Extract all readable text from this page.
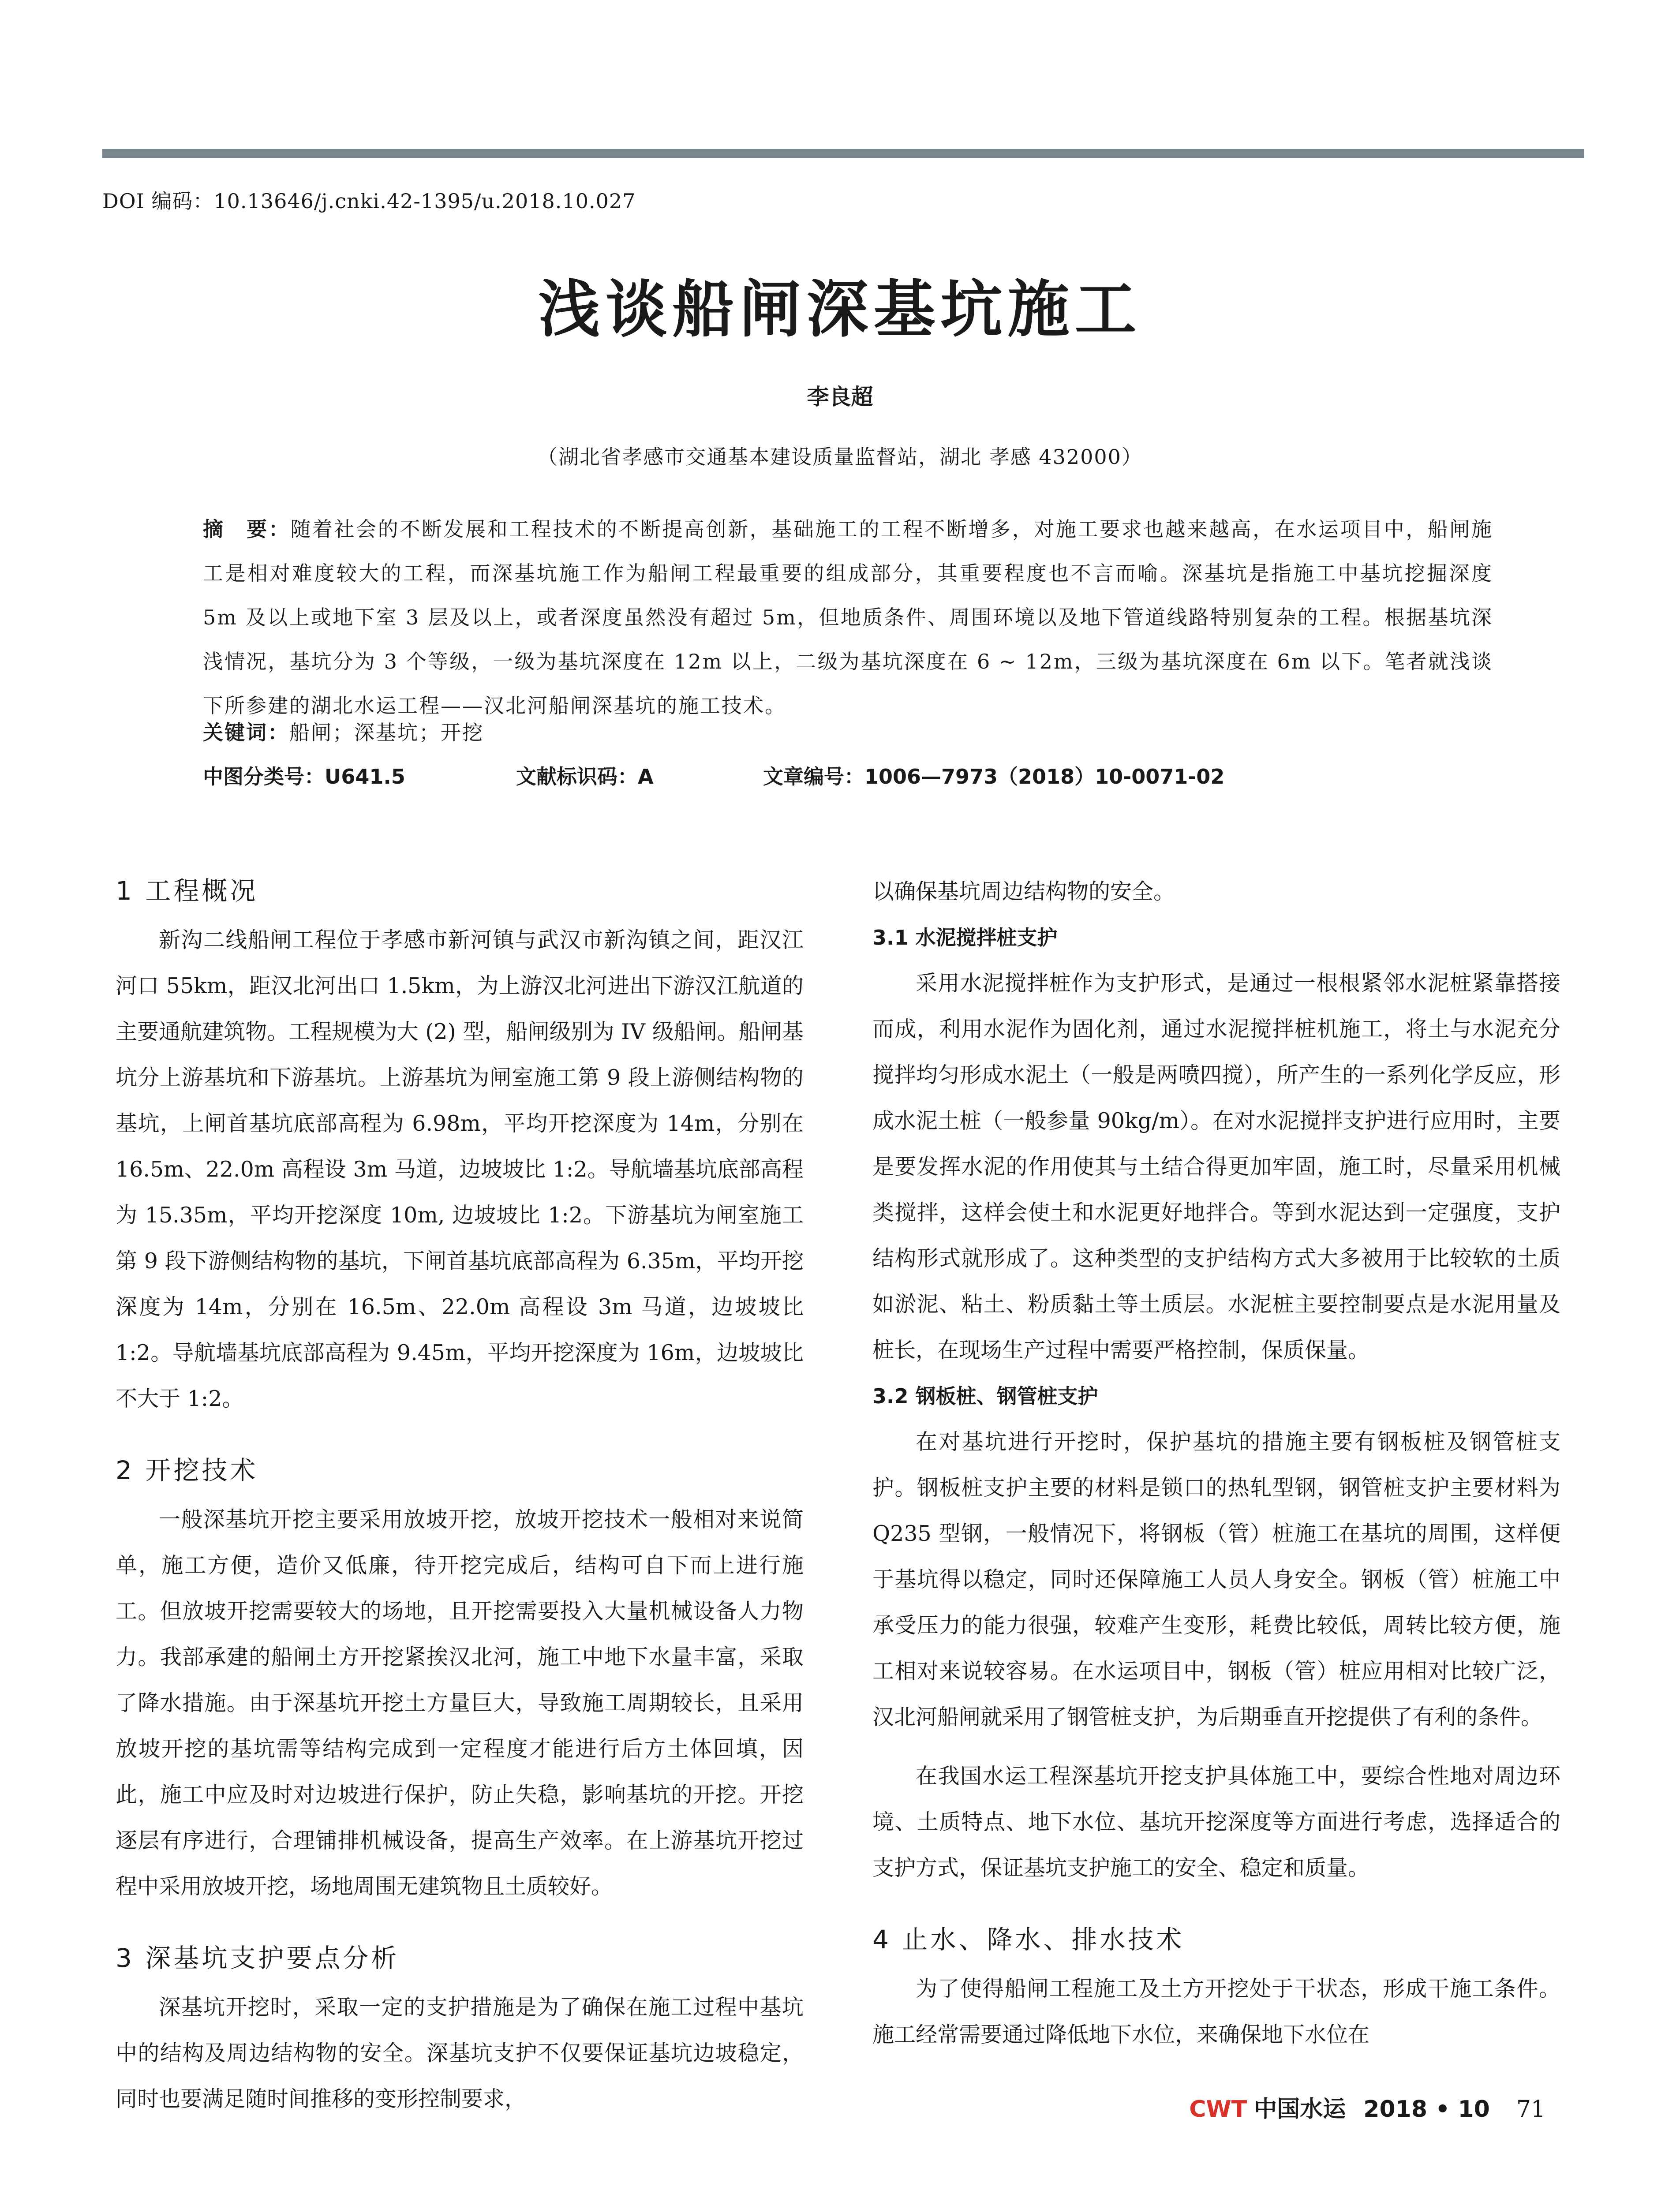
DOI 编码：10.13646/j.cnki.42-1395/u.2018.10.027
浅谈船闸深基坑施工
李良超
（湖北省孝感市交通基本建设质量监督站，湖北 孝感 432000）

摘　要：随着社会的不断发展和工程技术的不断提高创新，基础施工的工程不断增多，对施工要求也越来越高，在水运项目中，船闸施工是相对难度较大的工程，而深基坑施工作为船闸工程最重要的组成部分，其重要程度也不言而喻。深基坑是指施工中基坑挖掘深度 5m 及以上或地下室 3 层及以上，或者深度虽然没有超过 5m，但地质条件、周围环境以及地下管道线路特别复杂的工程。根据基坑深浅情况，基坑分为 3 个等级，一级为基坑深度在 12m 以上，二级为基坑深度在 6 ~ 12m，三级为基坑深度在 6m 以下。笔者就浅谈下所参建的湖北水运工程——汉北河船闸深基坑的施工技术。

关键词：船闸；深基坑；开挖
中图分类号：U641.5	文献标识码：A	文章编号：1006—7973（2018）10-0071-02
1 工程概况

新沟二线船闸工程位于孝感市新河镇与武汉市新沟镇之间，距汉江河口 55km，距汉北河出口 1.5km，为上游汉北河进出下游汉江航道的主要通航建筑物。工程规模为大 (2) 型，船闸级别为 IV 级船闸。船闸基坑分上游基坑和下游基坑。上游基坑为闸室施工第 9 段上游侧结构物的基坑，上闸首基坑底部高程为 6.98m，平均开挖深度为 14m，分别在 16.5m、22.0m 高程设 3m 马道，边坡坡比 1:2。导航墙基坑底部高程为 15.35m，平均开挖深度 10m, 边坡坡比 1:2。下游基坑为闸室施工第 9 段下游侧结构物的基坑，下闸首基坑底部高程为 6.35m，平均开挖深度为 14m，分别在 16.5m、22.0m 高程设 3m 马道，边坡坡比 1:2。导航墙基坑底部高程为 9.45m，平均开挖深度为 16m，边坡坡比不大于 1:2。

2 开挖技术

一般深基坑开挖主要采用放坡开挖，放坡开挖技术一般相对来说简单，施工方便，造价又低廉，待开挖完成后，结构可自下而上进行施工。但放坡开挖需要较大的场地，且开挖需要投入大量机械设备人力物力。我部承建的船闸土方开挖紧挨汉北河，施工中地下水量丰富，采取了降水措施。由于深基坑开挖土方量巨大，导致施工周期较长，且采用放坡开挖的基坑需等结构完成到一定程度才能进行后方土体回填，因此，施工中应及时对边坡进行保护，防止失稳，影响基坑的开挖。开挖逐层有序进行，合理铺排机械设备，提高生产效率。在上游基坑开挖过程中采用放坡开挖，场地周围无建筑物且土质较好。

3 深基坑支护要点分析

深基坑开挖时，采取一定的支护措施是为了确保在施工过程中基坑中的结构及周边结构物的安全。深基坑支护不仅要保证基坑边坡稳定，同时也要满足随时间推移的变形控制要求，

以确保基坑周边结构物的安全。

3.1 水泥搅拌桩支护

采用水泥搅拌桩作为支护形式，是通过一根根紧邻水泥桩紧靠搭接而成，利用水泥作为固化剂，通过水泥搅拌桩机施工，将土与水泥充分搅拌均匀形成水泥土（一般是两喷四搅），所产生的一系列化学反应，形成水泥土桩（一般参量 90kg/m）。在对水泥搅拌支护进行应用时，主要是要发挥水泥的作用使其与土结合得更加牢固，施工时，尽量采用机械类搅拌，这样会使土和水泥更好地拌合。等到水泥达到一定强度，支护结构形式就形成了。这种类型的支护结构方式大多被用于比较软的土质如淤泥、粘土、粉质黏土等土质层。水泥桩主要控制要点是水泥用量及桩长，在现场生产过程中需要严格控制，保质保量。

3.2 钢板桩、钢管桩支护

在对基坑进行开挖时，保护基坑的措施主要有钢板桩及钢管桩支护。钢板桩支护主要的材料是锁口的热轧型钢，钢管桩支护主要材料为 Q235 型钢，一般情况下，将钢板（管）桩施工在基坑的周围，这样便于基坑得以稳定，同时还保障施工人员人身安全。钢板（管）桩施工中承受压力的能力很强，较难产生变形，耗费比较低，周转比较方便，施工相对来说较容易。在水运项目中，钢板（管）桩应用相对比较广泛，汉北河船闸就采用了钢管桩支护，为后期垂直开挖提供了有利的条件。

在我国水运工程深基坑开挖支护具体施工中，要综合性地对周边环境、土质特点、地下水位、基坑开挖深度等方面进行考虑，选择适合的支护方式，保证基坑支护施工的安全、稳定和质量。

4 止水、降水、排水技术

为了使得船闸工程施工及土方开挖处于干状态，形成干施工条件。施工经常需要通过降低地下水位，来确保地下水位在

CWT 中国水运 2018 • 10 71
